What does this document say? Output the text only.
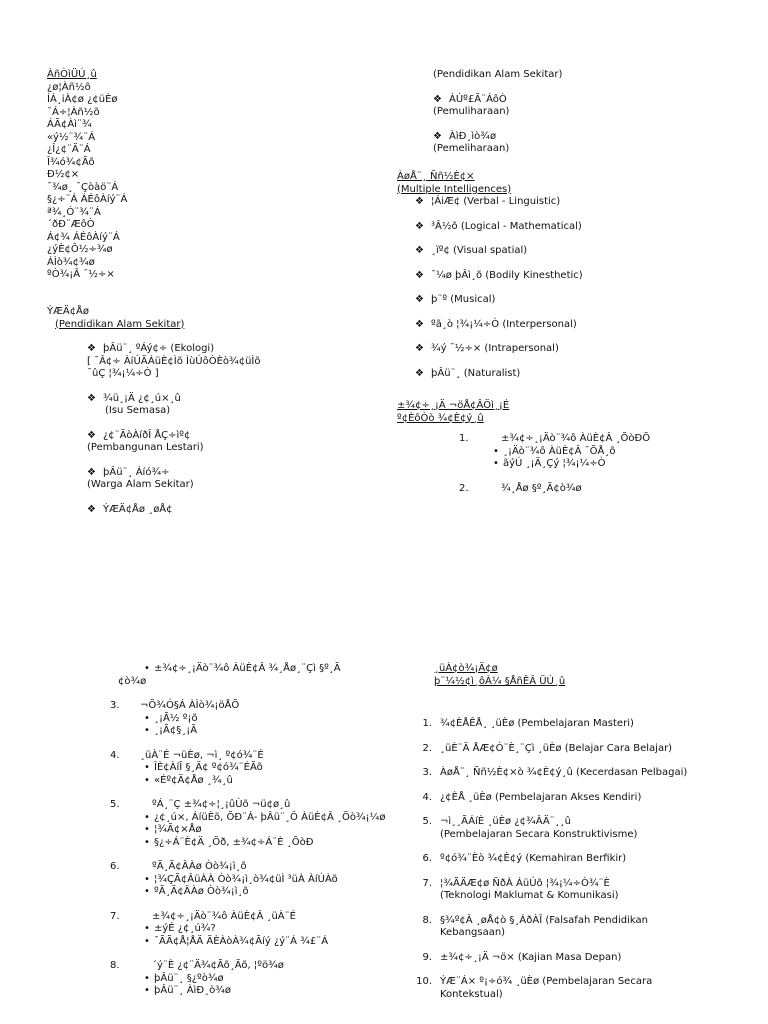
ÀñÒìÜÚ¸û
¿ø¦Àñ½õ
ÍÁ¸iÀ¢ø ¿¢üÈø
¯Á÷¦Àñ½õ
ÁÃ¢Àì¨¾
«ý½¨¾¨Á
¿Î¿¢¨Ä¨Á
Î¾ó¾¢Ãõ
Ð½¢×
¯¾ø¸ ¯Çòàö¨Á
§¿÷¨Á ÁÉôÀíý¨Á
ª¾¸Ó¨¾¨Á
´ðÐ¨ÆôÒ
Á¢¾ ÁÉôÀíý¨Á
¿ýÈ¢Ô½÷¾ø
ÁÌò¾¢¾ø
ºÒ¾¡Â ¯½÷×
ÝÆÄ¢Åø
(Pendidikan Alam Sekitar)
❖ þÂü¨¸ ºÁý¢÷ (Ekologi)
[ ¯Â¢÷ ÀíÚÃÁüÈ¢Ìõ ÌùÚôÒÈò¾¢üÌõ
¯ûÇ ¦¾¡¼÷Ò ]
❖ ¾ü¸¡Ä ¿¢¸ú×¸û
(Isu Semasa)
❖ ¿¢¨ÄòÀíðÎ ÅÇ÷ìº¢
(Pembangunan Lestari)
❖ þÂü¨¸ Áíó¾÷
(Warga Alam Sekitar)
❖ ÝÆÄ¢Åø ¸øÅ¢
(Pendidikan Alam Sekitar)
❖ ÁÚº£Ã¨ÁôÒ
(Pemuliharaan)
❖ ÀìÐ¸ìò¾ø
(Pemeliharaan)
ÀøÅ¨¸ Ññ½È¢×
(Multiple Intelligences)
❖ ¦ÁiÆ¢ (Verbal - Linguistic)
❖ ³Â½õ (Logical - Mathematical)
❖ ¸ïº¢ (Visual spatial)
❖ ¯¼ø þÂì¸õ (Bodily Kinesthetic)
❖ þ¨º (Musical)
❖ ºã¸ò ¦¾¡¼÷Ò (Interpersonal)
❖ ¾ý ¯½÷× (Intrapersonal)
❖ þÂü¨¸ (Naturalist)
±¾¢÷¸¡Ä ¬öÅ¢ÂÖì¸¡É
º¢ÈôÒò ¾¢È¢ý¸û
1.	±¾¢÷¸¡Äò¨¾ô ÀüÈ¢Â ¸ÕòÐÕ
• ¸¡Äò¨¾ô ÀüÈ¢Â ¯ÕÅ¸õ
• ãýÚ ¸¡Ä¸Çý ¦¾¡¼÷Ò
2.	¾¸Åø §º¸Ã¢ò¾ø
• ±¾¢÷¸¡Äò¨¾ô ÀüÈ¢Â ¾¸Åø¸¨Çì §º¸Ã
¢ò¾ø
3. ¬Õ¾Ó§Á ÀÌò¾¡öÅÕ
• ¸¡Ã½ º¡õ
• ¸¡Ã¢§¸¡Ã
4. ¸üÀ¨É ¬üÈø, ¬ì¸ º¢ó¾¨É
• ÎÈ¢ÀíÎ §¸Ä¢ º¢ó¾¨ÉÃõ
• «Éº¢Ä¢Åø ¸¾¸û
5.	ºÁ¸¨Ç ±¾¢÷¦¸¡ûÙõ ¬ü¢ø¸û
• ¿¢¸ú×, ÁíüÈõ, ÕÐ¨Á- þÂü¨¸Ô ÀüÈ¢Â ¸Õò¾¡¼ø
• ¦¾Ã¢×Åø
• §¿÷Á¨È¢Ä ¸Õð, ±¾¢÷Á¨È ¸ÕòÐ
6.	ºÃ¸Ã¢ÂÀø Òò¾¡ì¸õ
• ¦¾ÇÃ¢ÂüÀÀ Òò¾¡ì¸ò¾¢üÌ ³üÀ ÀíÚÀõ
• ºÃ¸Ã¢ÂÀø Òò¾¡ì¸õ
7.	±¾¢÷¸¡Äò¨¾ô ÀüÈ¢Â ¸üÀ¨É
• ±ýÉ ¿¢¸ú¾?
• ¯ÃÃ¢Å¦ÅÄ ÃÈÀòÀ¾¢Ãíý ¿ý¨Á ¾£¨Á
8.	´ý¨È ¿¢¨Ä¾¢Ãõ¸Ãõ, ¦ºö¾ø
• þÂü¨¸ §¿ºò¾ø
• þÂü¨¸ ÀìÐ¸ò¾ø
¸üÀ¢ò¾¡Ä¢ø
þ¨¼½¢ì¸ôÀ¼ §ÅñÊÂ ÜÚ¸û
1. ¾¢ÈÅÊÅ¸ ¸üÈø (Pembelajaran Masteri)
2. ¸üÈ¨Ä ÅÆ¢Ó¨È¸¨Çì ¸üÈø (Belajar Cara Belajar)
3. ÀøÅ¨¸ Ññ½È¢×ò ¾¢È¢ý¸û (Kecerdasan Pelbagai)
4. ¿¢ÈÅ ¸üÈø (Pembelajaran Akses Kendiri)
5. ¬ì¸¸ÃÁíÈ ¸üÈø ¿¢¾ÂÄ¨¸¸û
(Pembelajaran Secara Konstruktivisme)
6. º¢ó¾¨Èò ¾¢È¢ý (Kemahiran Berfikir)
7. ¦¾ÃÄÆ¢ø ÑðÀ ÁüÚõ ¦¾¡¼÷Ò¾¨È
(Teknologi Maklumat & Komunikasi)
8. §¾º¢Â ¸øÅ¢ò §¸ÁðÀÎ (Falsafah Pendidikan
Kebangsaan)
9. ±¾¢÷¸¡Ä ¬ö× (Kajian Masa Depan)
10. ÝÆ¨Á× º¡÷ó¾ ¸üÈø (Pembelajaran Secara
Kontekstual)
